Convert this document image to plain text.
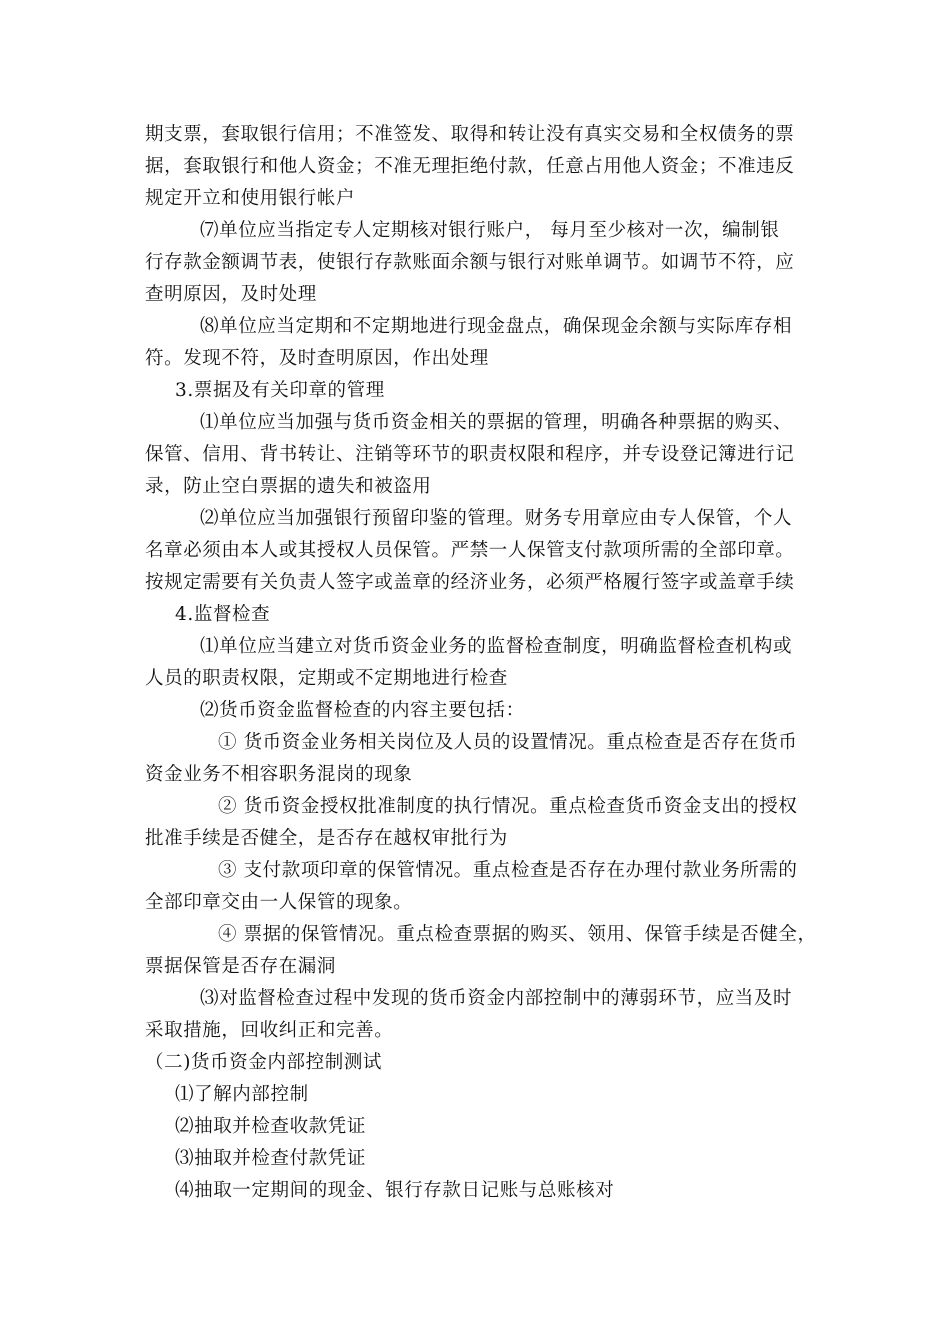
期支票，套取银行信用；不准签发、取得和转让没有真实交易和全权债务的票
据，套取银行和他人资金；不准无理拒绝付款，任意占用他人资金；不准违反
规定开立和使用银行帐户
⑺单位应当指定专人定期核对银行账户， 每月至少核对一次，编制银
行存款金额调节表，使银行存款账面余额与银行对账单调节。如调节不符，应
查明原因，及时处理
⑻单位应当定期和不定期地进行现金盘点，确保现金余额与实际库存相
符。发现不符，及时查明原因，作出处理
3.票据及有关印章的管理
⑴单位应当加强与货币资金相关的票据的管理，明确各种票据的购买、
保管、信用、背书转让、注销等环节的职责权限和程序，并专设登记簿进行记
录，防止空白票据的遗失和被盗用
⑵单位应当加强银行预留印鉴的管理。财务专用章应由专人保管，个人
名章必须由本人或其授权人员保管。严禁一人保管支付款项所需的全部印章。
按规定需要有关负责人签字或盖章的经济业务，必须严格履行签字或盖章手续
4.监督检查
⑴单位应当建立对货币资金业务的监督检查制度，明确监督检查机构或
人员的职责权限，定期或不定期地进行检查
⑵货币资金监督检查的内容主要包括：
① 货币资金业务相关岗位及人员的设置情况。重点检查是否存在货币
资金业务不相容职务混岗的现象
② 货币资金授权批准制度的执行情况。重点检查货币资金支出的授权
批准手续是否健全，是否存在越权审批行为
③ 支付款项印章的保管情况。重点检查是否存在办理付款业务所需的
全部印章交由一人保管的现象。
④ 票据的保管情况。重点检查票据的购买、领用、保管手续是否健全，
票据保管是否存在漏洞
⑶对监督检查过程中发现的货币资金内部控制中的薄弱环节，应当及时
采取措施，回收纠正和完善。
（二)货币资金内部控制测试
⑴了解内部控制
⑵抽取并检查收款凭证
⑶抽取并检查付款凭证
⑷抽取一定期间的现金、银行存款日记账与总账核对
